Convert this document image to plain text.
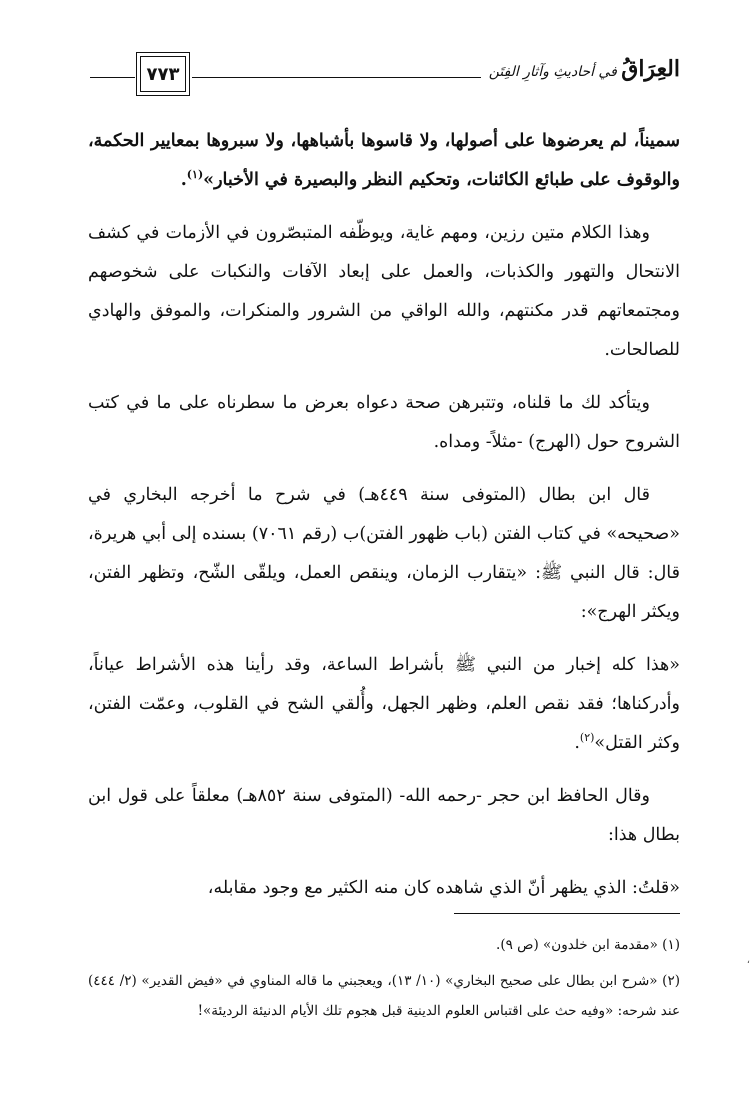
٧٧٣	العِرَاقُ في أحاديثِ وآثارِ الفِتَن

سميناً، لم يعرضوها على أصولها، ولا قاسوها بأشباهها، ولا سبروها بمعايير الحكمة، والوقوف على طبائع الكائنات، وتحكيم النظر والبصيرة في الأخبار»$^{(١)}$.

وهذا الكلام متين رزين، ومهم غاية، ويوظّفه المتبصّرون في الأزمات في كشف الانتحال والتهور والكذبات، والعمل على إبعاد الآفات والنكبات على شخوصهم ومجتمعاتهم قدر مكنتهم، والله الواقي من الشرور والمنكرات، والموفق والهادي للصالحات.

ويتأكد لك ما قلناه، وتتبرهن صحة دعواه بعرض ما سطرناه على ما في كتب الشروح حول (الهرج) -مثلاً- ومداه.

قال ابن بطال (المتوفى سنة ٤٤٩هـ) في شرح ما أخرجه البخاري في «صحيحه» في كتاب الفتن (باب ظهور الفتن)ب (رقم ٧٠٦١) بسنده إلى أبي هريرة، قال: قال النبي ﷺ: «يتقارب الزمان، وينقص العمل، ويلقّى الشّح، وتظهر الفتن، ويكثر الهرج»:

«هذا كله إخبار من النبي ﷺ بأشراط الساعة، وقد رأينا هذه الأشراط عياناً، وأدركناها؛ فقد نقص العلم، وظهر الجهل، وأُلقي الشح في القلوب، وعمّت الفتن، وكثر القتل»$^{(٢)}$.

وقال الحافظ ابن حجر -رحمه الله- (المتوفى سنة ٨٥٢هـ) معلقاً على قول ابن بطال هذا:

«قلتُ: الذي يظهر أنّ الذي شاهده كان منه الكثير مع وجود مقابله،

(١) «مقدمة ابن خلدون» (ص ٩).

(٢) «شرح ابن بطال على صحيح البخاري» (١٠/ ١٣)، ويعجبني ما قاله المناوي في «فيض القدير» (٢/ ٤٤٤) عند شرحه: «وفيه حث على اقتباس العلوم الدينية قبل هجوم تلك الأيام الدنيئة الرديئة»!

،
